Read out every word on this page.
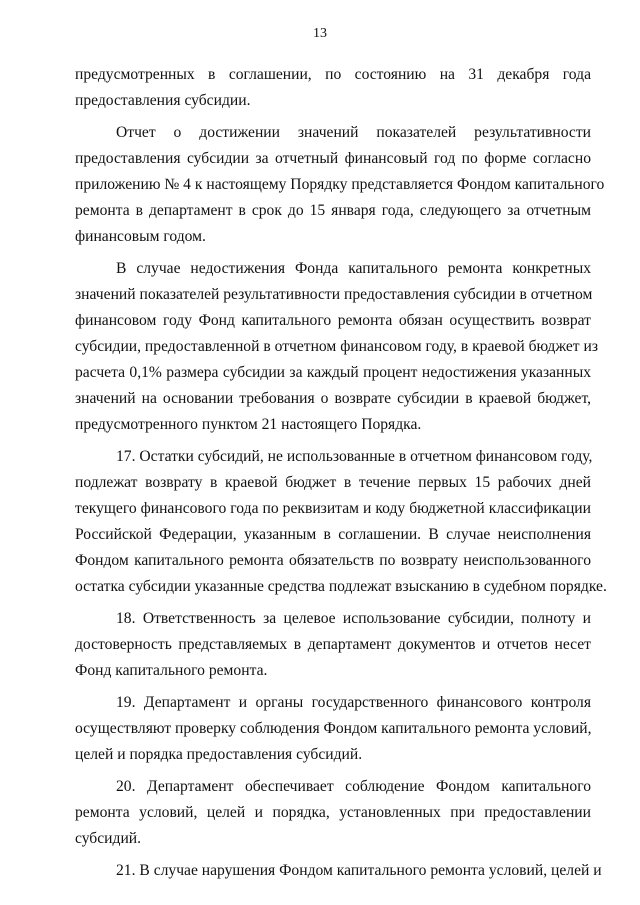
13

предусмотренных в соглашении, по состоянию на 31 декабря года
предоставления субсидии.

Отчет о достижении значений показателей результативности
предоставления субсидии за отчетный финансовый год по форме согласно
приложению № 4 к настоящему Порядку представляется Фондом капитального
ремонта в департамент в срок до 15 января года, следующего за отчетным
финансовым годом.

В случае недостижения Фонда капитального ремонта конкретных
значений показателей результативности предоставления субсидии в отчетном
финансовом году Фонд капитального ремонта обязан осуществить возврат
субсидии, предоставленной в отчетном финансовом году, в краевой бюджет из
расчета 0,1% размера субсидии за каждый процент недостижения указанных
значений на основании требования о возврате субсидии в краевой бюджет,
предусмотренного пунктом 21 настоящего Порядка.

17. Остатки субсидий, не использованные в отчетном финансовом году,
подлежат возврату в краевой бюджет в течение первых 15 рабочих дней
текущего финансового года по реквизитам и коду бюджетной классификации
Российской Федерации, указанным в соглашении. В случае неисполнения
Фондом капитального ремонта обязательств по возврату неиспользованного
остатка субсидии указанные средства подлежат взысканию в судебном порядке.

18. Ответственность за целевое использование субсидии, полноту и
достоверность представляемых в департамент документов и отчетов несет
Фонд капитального ремонта.

19. Департамент и органы государственного финансового контроля
осуществляют проверку соблюдения Фондом капитального ремонта условий,
целей и порядка предоставления субсидий.

20. Департамент обеспечивает соблюдение Фондом капитального
ремонта условий, целей и порядка, установленных при предоставлении
субсидий.

21. В случае нарушения Фондом капитального ремонта условий, целей и
